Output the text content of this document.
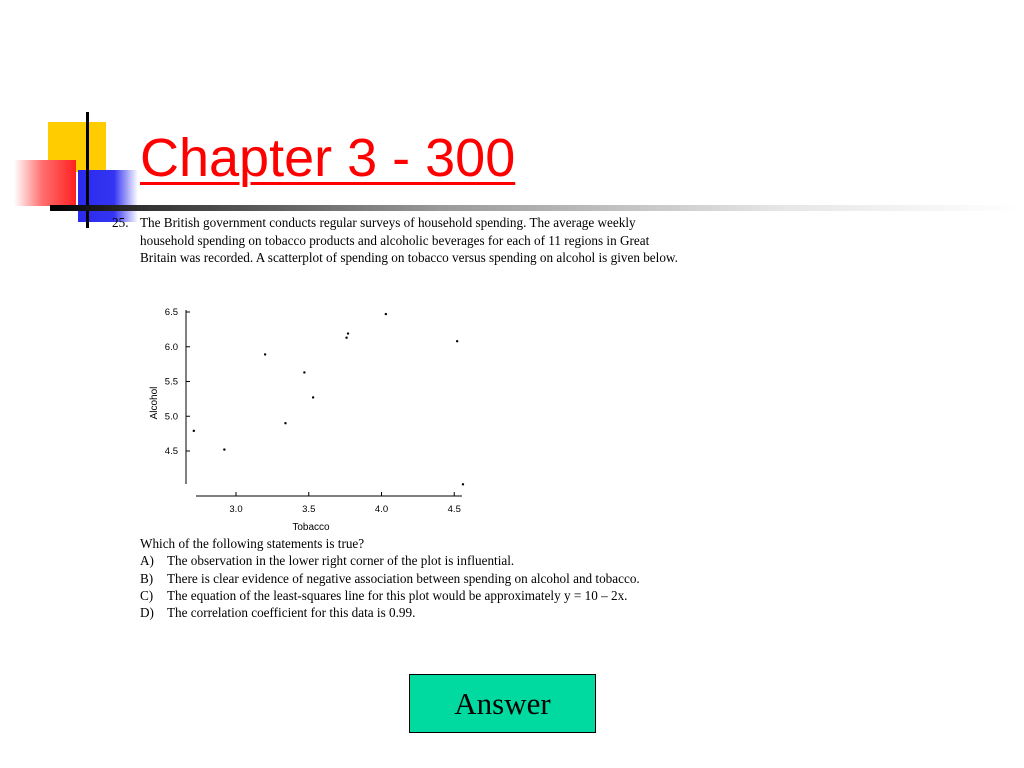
Chapter 3 - 300
25. The British government conducts regular surveys of household spending. The average weekly household spending on tobacco products and alcoholic beverages for each of 11 regions in Great Britain was recorded. A scatterplot of spending on tobacco versus spending on alcohol is given below.
6.5
6.0
5.5
5.0
4.5
3.0	3.5	4.0	4.5
Tobacco
Alcohol
Which of the following statements is true?
A) The observation in the lower right corner of the plot is influential.
B)	There is clear evidence of negative association between spending on alcohol and tobacco.
C)	The equation of the least-squares line for this plot would be approximately y = 10 – 2x.
D) The correlation coefficient for this data is 0.99.
Answer
